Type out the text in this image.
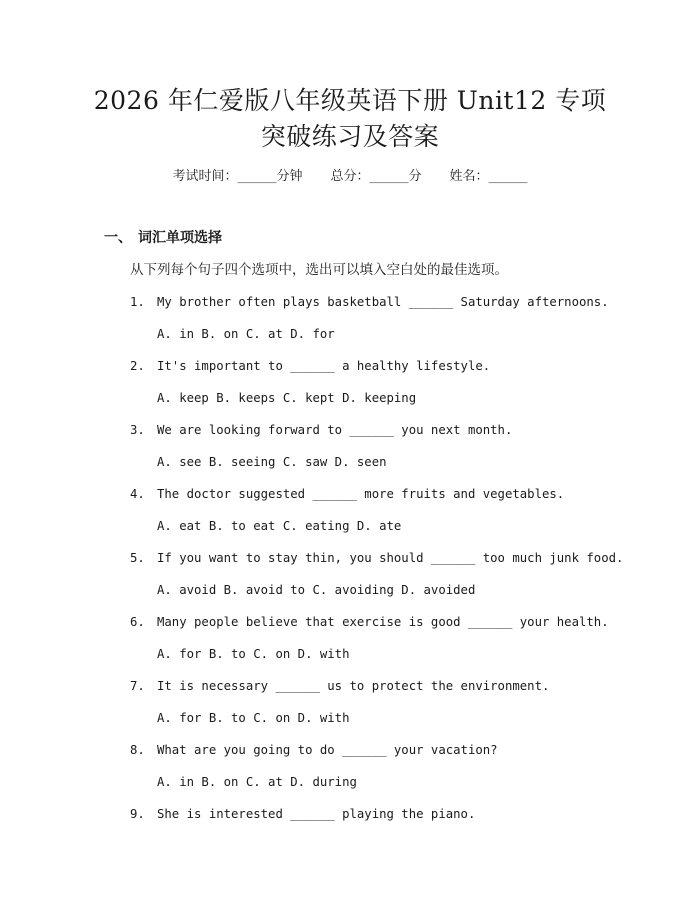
2026 年仁爱版八年级英语下册 Unit12 专项
突破练习及答案
考试时间：______分钟 总分：______分 姓名：______
一、 词汇单项选择
从下列每个句子四个选项中，选出可以填入空白处的最佳选项。
1. My brother often plays basketball ______ Saturday afternoons.
A. in B. on C. at D. for
2. It's important to ______ a healthy lifestyle.
A. keep B. keeps C. kept D. keeping
3. We are looking forward to ______ you next month.
A. see B. seeing C. saw D. seen
4. The doctor suggested ______ more fruits and vegetables.
A. eat B. to eat C. eating D. ate
5. If you want to stay thin, you should ______ too much junk food.
A. avoid B. avoid to C. avoiding D. avoided
6. Many people believe that exercise is good ______ your health.
A. for B. to C. on D. with
7. It is necessary ______ us to protect the environment.
A. for B. to C. on D. with
8. What are you going to do ______ your vacation?
A. in B. on C. at D. during
9. She is interested ______ playing the piano.
